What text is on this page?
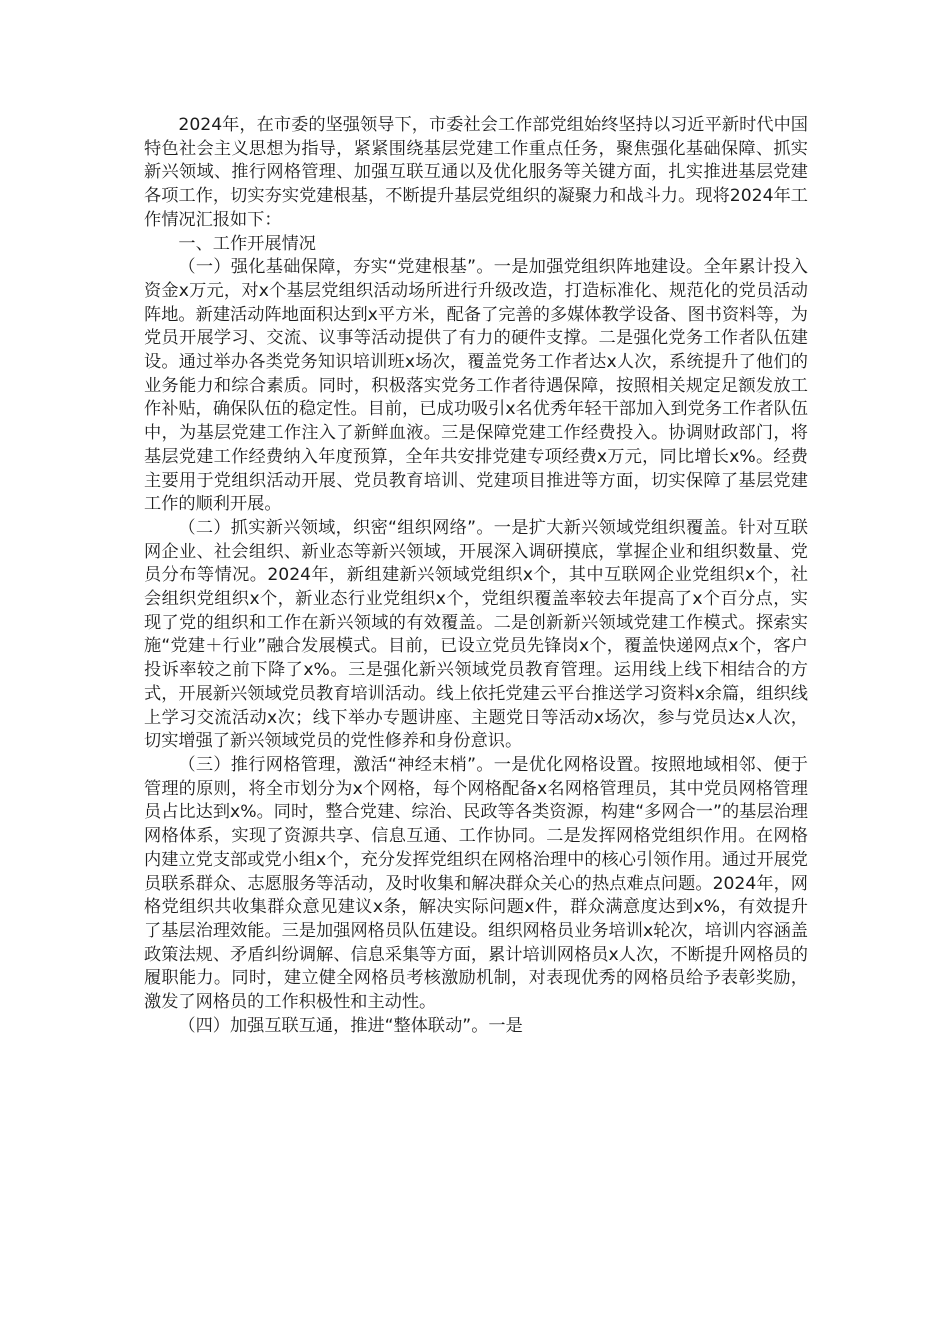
2024年，在市委的坚强领导下，市委社会工作部党组始终坚持以习近平新时代中国特色社会主义思想为指导，紧紧围绕基层党建工作重点任务，聚焦强化基础保障、抓实新兴领域、推行网格管理、加强互联互通以及优化服务等关键方面，扎实推进基层党建各项工作，切实夯实党建根基，不断提升基层党组织的凝聚力和战斗力。现将2024年工作情况汇报如下：

一、工作开展情况

（一）强化基础保障，夯实“党建根基”。一是加强党组织阵地建设。全年累计投入资金x万元，对x个基层党组织活动场所进行升级改造，打造标准化、规范化的党员活动阵地。新建活动阵地面积达到x平方米，配备了完善的多媒体教学设备、图书资料等，为党员开展学习、交流、议事等活动提供了有力的硬件支撑。二是强化党务工作者队伍建设。通过举办各类党务知识培训班x场次，覆盖党务工作者达x人次，系统提升了他们的业务能力和综合素质。同时，积极落实党务工作者待遇保障，按照相关规定足额发放工作补贴，确保队伍的稳定性。目前，已成功吸引x名优秀年轻干部加入到党务工作者队伍中，为基层党建工作注入了新鲜血液。三是保障党建工作经费投入。协调财政部门，将基层党建工作经费纳入年度预算，全年共安排党建专项经费x万元，同比增长x%。经费主要用于党组织活动开展、党员教育培训、党建项目推进等方面，切实保障了基层党建工作的顺利开展。

（二）抓实新兴领域，织密“组织网络”。一是扩大新兴领域党组织覆盖。针对互联网企业、社会组织、新业态等新兴领域，开展深入调研摸底，掌握企业和组织数量、党员分布等情况。2024年，新组建新兴领域党组织x个，其中互联网企业党组织x个，社会组织党组织x个，新业态行业党组织x个，党组织覆盖率较去年提高了x个百分点，实现了党的组织和工作在新兴领域的有效覆盖。二是创新新兴领域党建工作模式。探索实施“党建＋行业”融合发展模式。目前，已设立党员先锋岗x个，覆盖快递网点x个，客户投诉率较之前下降了x%。三是强化新兴领域党员教育管理。运用线上线下相结合的方式，开展新兴领域党员教育培训活动。线上依托党建云平台推送学习资料x余篇，组织线上学习交流活动x次；线下举办专题讲座、主题党日等活动x场次，参与党员达x人次，切实增强了新兴领域党员的党性修养和身份意识。

（三）推行网格管理，激活“神经末梢”。一是优化网格设置。按照地域相邻、便于管理的原则，将全市划分为x个网格，每个网格配备x名网格管理员，其中党员网格管理员占比达到x%。同时，整合党建、综治、民政等各类资源，构建“多网合一”的基层治理网格体系，实现了资源共享、信息互通、工作协同。二是发挥网格党组织作用。在网格内建立党支部或党小组x个，充分发挥党组织在网格治理中的核心引领作用。通过开展党员联系群众、志愿服务等活动，及时收集和解决群众关心的热点难点问题。2024年，网格党组织共收集群众意见建议x条，解决实际问题x件，群众满意度达到x%，有效提升了基层治理效能。三是加强网格员队伍建设。组织网格员业务培训x轮次，培训内容涵盖政策法规、矛盾纠纷调解、信息采集等方面，累计培训网格员x人次，不断提升网格员的履职能力。同时，建立健全网格员考核激励机制，对表现优秀的网格员给予表彰奖励，激发了网格员的工作积极性和主动性。

（四）加强互联互通，推进“整体联动”。一是
